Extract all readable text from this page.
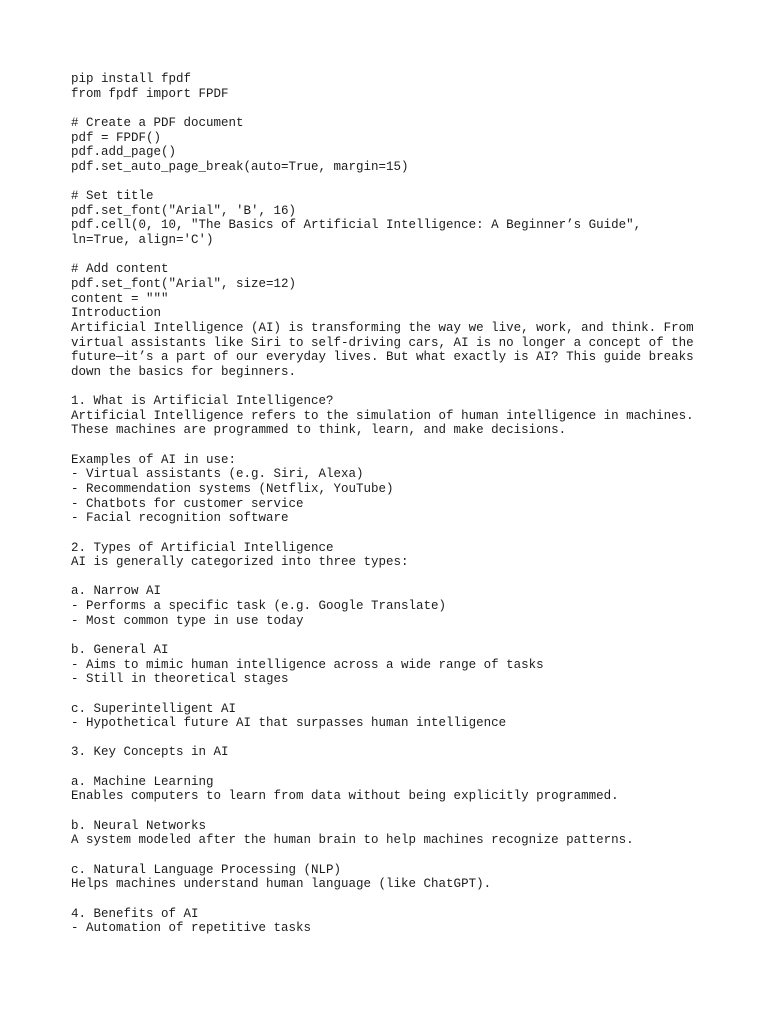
pip install fpdf
from fpdf import FPDF
# Create a PDF document
pdf = FPDF()
pdf.add_page()
pdf.set_auto_page_break(auto=True, margin=15)
# Set title
pdf.set_font("Arial", 'B', 16)
pdf.cell(0, 10, "The Basics of Artificial Intelligence: A Beginner’s Guide",
ln=True, align='C')
# Add content
pdf.set_font("Arial", size=12)
content = """
Introduction
Artificial Intelligence (AI) is transforming the way we live, work, and think. From
virtual assistants like Siri to self-driving cars, AI is no longer a concept of the
future—it’s a part of our everyday lives. But what exactly is AI? This guide breaks
down the basics for beginners.
1. What is Artificial Intelligence?
Artificial Intelligence refers to the simulation of human intelligence in machines.
These machines are programmed to think, learn, and make decisions.
Examples of AI in use:
- Virtual assistants (e.g. Siri, Alexa)
- Recommendation systems (Netflix, YouTube)
- Chatbots for customer service
- Facial recognition software
2. Types of Artificial Intelligence
AI is generally categorized into three types:
a. Narrow AI
- Performs a specific task (e.g. Google Translate)
- Most common type in use today
b. General AI
- Aims to mimic human intelligence across a wide range of tasks
- Still in theoretical stages
c. Superintelligent AI
- Hypothetical future AI that surpasses human intelligence
3. Key Concepts in AI
a. Machine Learning
Enables computers to learn from data without being explicitly programmed.
b. Neural Networks
A system modeled after the human brain to help machines recognize patterns.
c. Natural Language Processing (NLP)
Helps machines understand human language (like ChatGPT).
4. Benefits of AI
- Automation of repetitive tasks
